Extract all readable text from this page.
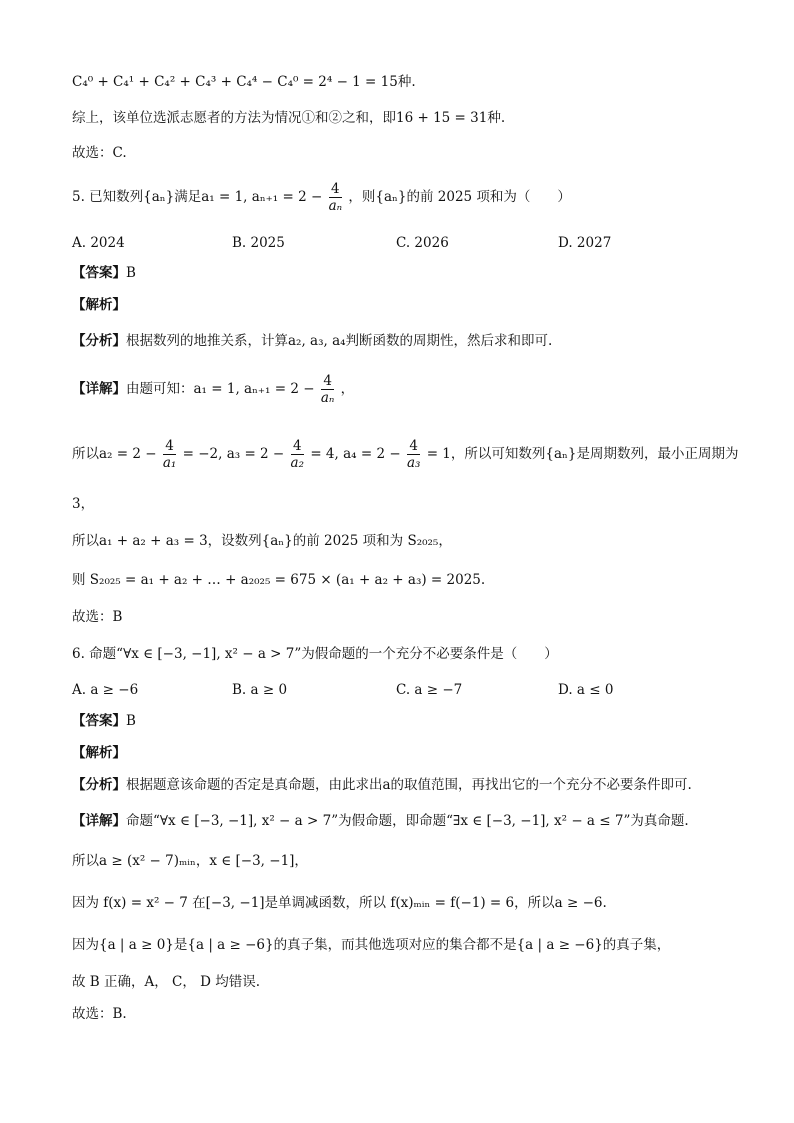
C₄⁰ + C₄¹ + C₄² + C₄³ + C₄⁴ − C₄⁰ = 2⁴ − 1 = 15种.
综上，该单位选派志愿者的方法为情况①和②之和，即16 + 15 = 31种.
故选：C.
5. 已知数列{aₙ}满足a₁ = 1, $a_{n+1} = 2 - \frac{4}{\text{aₙ}}$ ，则{aₙ}的前 2025 项和为（　　）
A. 2024	B. 2025	C. 2026	D. 2027
【答案】B
【解析】
【分析】根据数列的地推关系，计算a₂, a₃, a₄判断函数的周期性，然后求和即可.
【详解】由题可知：a₁ = 1, $a_{n+1} = 2 - \frac{4}{\text{aₙ}}$ ，
所以$a_2 = 2 - \frac{4}{\text{a₁}} = -2$, $a_3 = 2 - \frac{4}{\text{a₂}} = 4$, $a_4 = 2 - \frac{4}{\text{a₃}} = 1$，所以可知数列{aₙ}是周期数列，最小正周期为
3，
所以a₁ + a₂ + a₃ = 3，设数列{aₙ}的前 2025 项和为 S₂₀₂₅，
则 S₂₀₂₅ = a₁ + a₂ + … + a₂₀₂₅ = 675 × (a₁ + a₂ + a₃) = 2025.
故选：B
6. 命题“∀x ∈ [−3, −1], x² − a > 7”为假命题的一个充分不必要条件是（　　）
A. a ≥ −6	B. a ≥ 0	C. a ≥ −7	D. a ≤ 0
【答案】B
【解析】
【分析】根据题意该命题的否定是真命题，由此求出a的取值范围，再找出它的一个充分不必要条件即可.
【详解】命题“∀x ∈ [−3, −1], x² − a > 7”为假命题，即命题“∃x ∈ [−3, −1], x² − a ≤ 7”为真命题.
所以a ≥ (x² − 7)ₘᵢₙ，x ∈ [−3, −1]，
因为 f(x) = x² − 7 在[−3, −1]是单调减函数，所以 f(x)ₘᵢₙ = f(−1) = 6，所以a ≥ −6.
因为{a | a ≥ 0}是{a | a ≥ −6}的真子集，而其他选项对应的集合都不是{a | a ≥ −6}的真子集，
故 B 正确，A， C， D 均错误.
故选：B.
